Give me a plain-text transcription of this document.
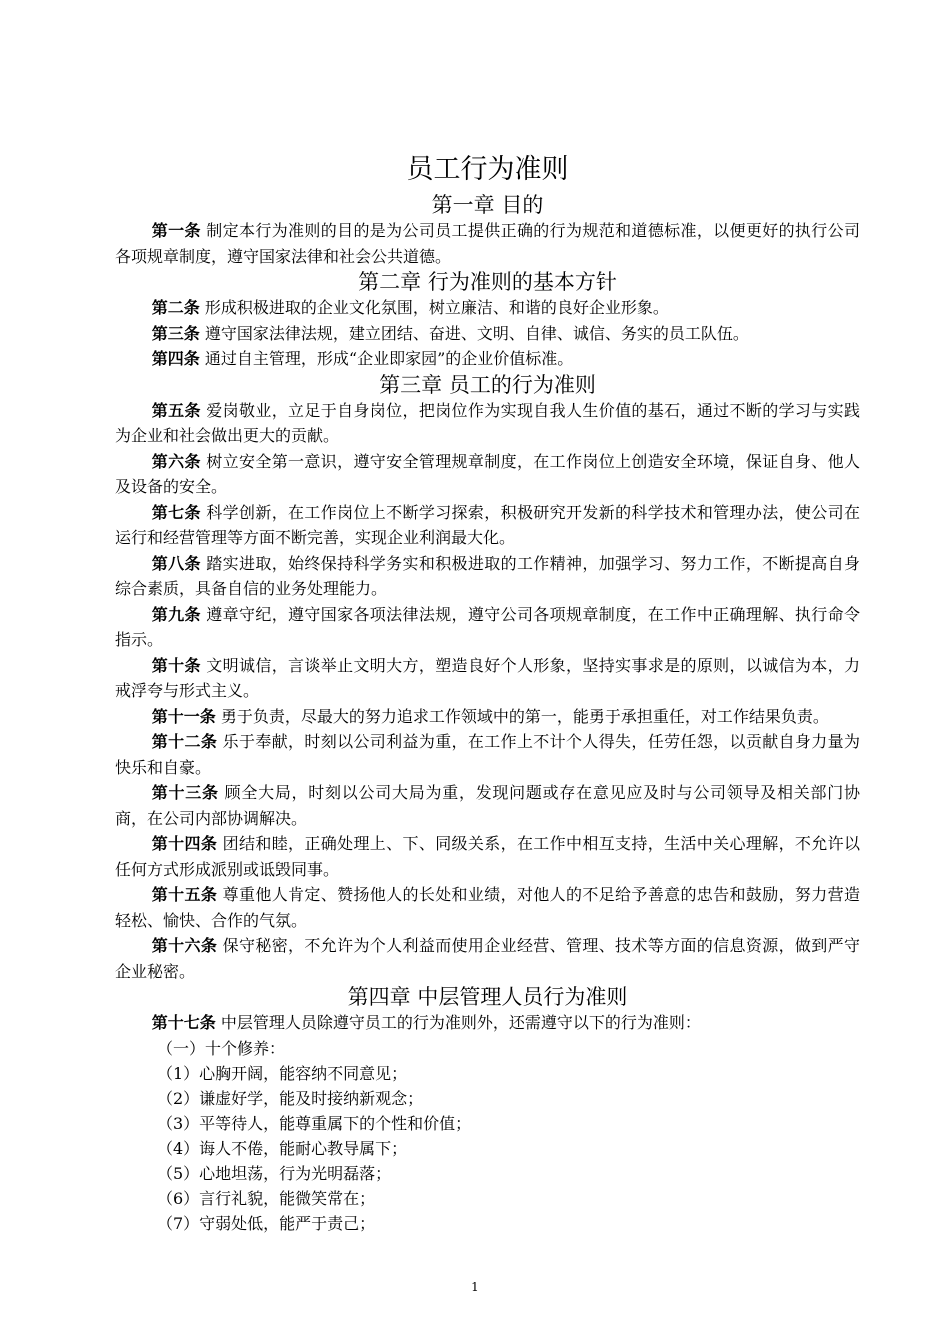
员工行为准则
第一章 目的

第一条 制定本行为准则的目的是为公司员工提供正确的行为规范和道德标准，以便更好的执行公司各项规章制度，遵守国家法律和社会公共道德。

第二章 行为准则的基本方针

第二条 形成积极进取的企业文化氛围，树立廉洁、和谐的良好企业形象。

第三条 遵守国家法律法规，建立团结、奋进、文明、自律、诚信、务实的员工队伍。

第四条 通过自主管理，形成“企业即家园”的企业价值标准。

第三章 员工的行为准则

第五条 爱岗敬业，立足于自身岗位，把岗位作为实现自我人生价值的基石，通过不断的学习与实践为企业和社会做出更大的贡献。

第六条 树立安全第一意识，遵守安全管理规章制度，在工作岗位上创造安全环境，保证自身、他人及设备的安全。

第七条 科学创新，在工作岗位上不断学习探索，积极研究开发新的科学技术和管理办法，使公司在运行和经营管理等方面不断完善，实现企业利润最大化。

第八条 踏实进取，始终保持科学务实和积极进取的工作精神，加强学习、努力工作，不断提高自身综合素质，具备自信的业务处理能力。

第九条 遵章守纪，遵守国家各项法律法规，遵守公司各项规章制度，在工作中正确理解、执行命令指示。

第十条 文明诚信，言谈举止文明大方，塑造良好个人形象，坚持实事求是的原则，以诚信为本，力戒浮夸与形式主义。

第十一条 勇于负责，尽最大的努力追求工作领域中的第一，能勇于承担重任，对工作结果负责。

第十二条 乐于奉献，时刻以公司利益为重，在工作上不计个人得失，任劳任怨，以贡献自身力量为快乐和自豪。

第十三条 顾全大局，时刻以公司大局为重，发现问题或存在意见应及时与公司领导及相关部门协商，在公司内部协调解决。

第十四条 团结和睦，正确处理上、下、同级关系，在工作中相互支持，生活中关心理解，不允许以任何方式形成派别或诋毁同事。

第十五条 尊重他人肯定、赞扬他人的长处和业绩，对他人的不足给予善意的忠告和鼓励，努力营造轻松、愉快、合作的气氛。

第十六条 保守秘密，不允许为个人利益而使用企业经营、管理、技术等方面的信息资源，做到严守企业秘密。

第四章 中层管理人员行为准则

第十七条 中层管理人员除遵守员工的行为准则外，还需遵守以下的行为准则：

（一）十个修养：

（1）心胸开阔，能容纳不同意见；

（2）谦虚好学，能及时接纳新观念；

（3）平等待人，能尊重属下的个性和价值；

（4）诲人不倦，能耐心教导属下；

（5）心地坦荡，行为光明磊落；

（6）言行礼貌，能微笑常在；

（7）守弱处低，能严于责己；

1
